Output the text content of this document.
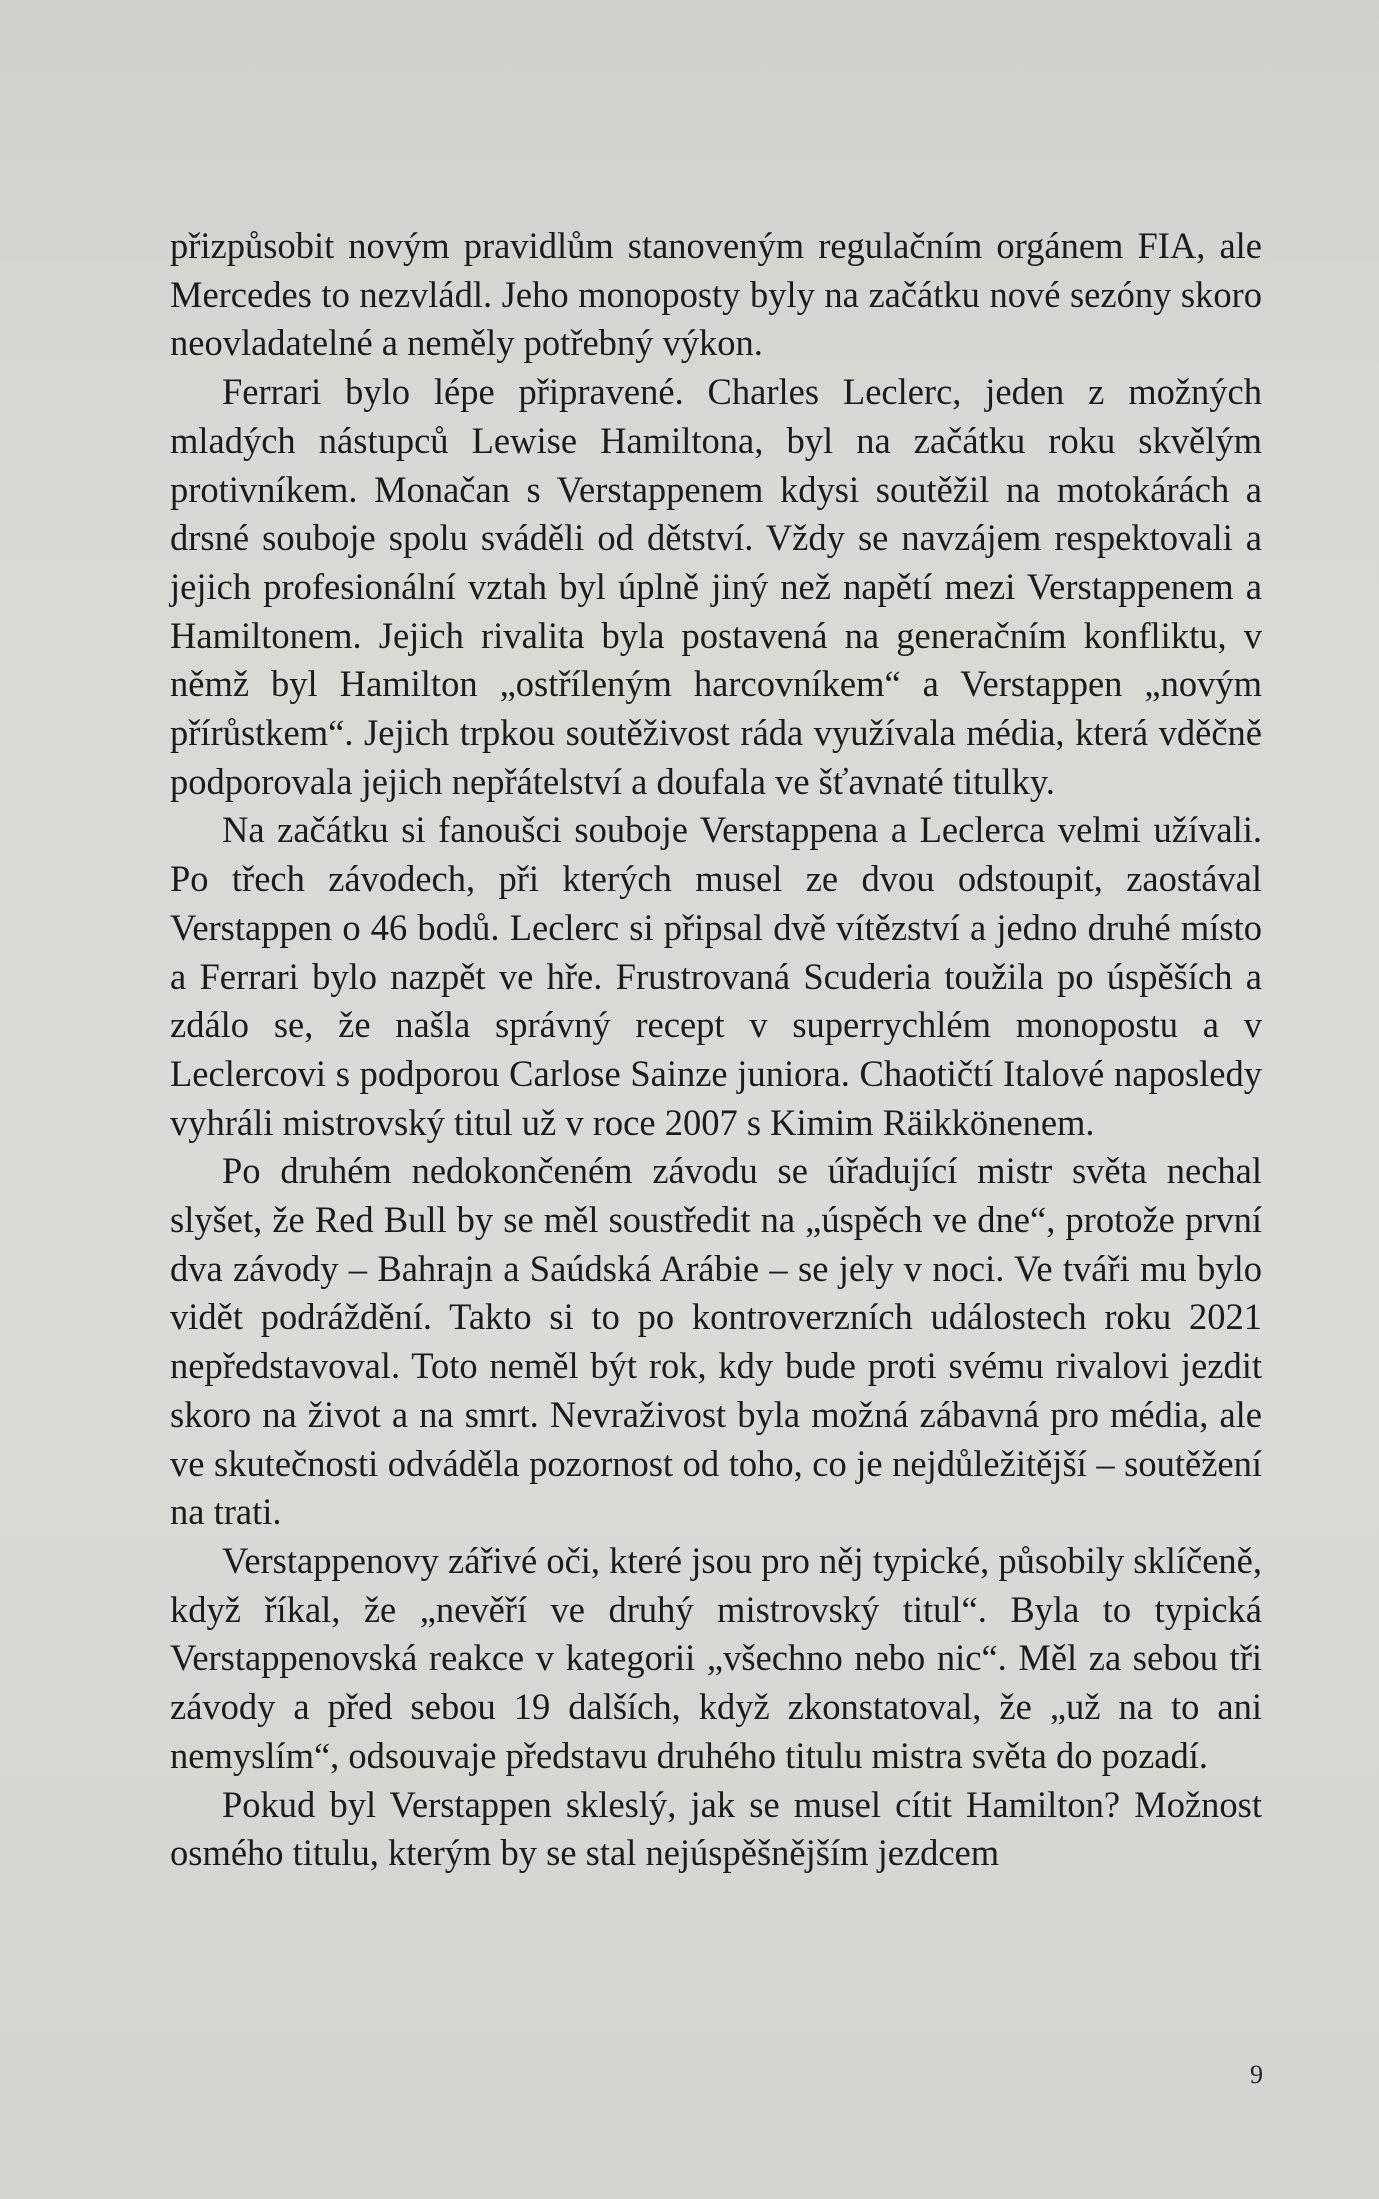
přizpůsobit novým pravidlům stanoveným regulačním orgánem FIA, ale Mercedes to nezvládl. Jeho monoposty byly na začátku nové sezóny skoro neovladatelné a neměly potřebný výkon.

Ferrari bylo lépe připravené. Charles Leclerc, jeden z možných mladých nástupců Lewise Hamiltona, byl na začátku roku skvělým protivníkem. Monačan s Verstappenem kdysi soutěžil na motokárách a drsné souboje spolu sváděli od dětství. Vždy se navzájem respektovali a jejich profesionální vztah byl úplně jiný než napětí mezi Verstappenem a Hamiltonem. Jejich rivalita byla postavená na generačním konfliktu, v němž byl Hamilton „ostříleným harcovníkem“ a Verstappen „novým přírůstkem“. Jejich trpkou soutěživost ráda využívala média, která vděčně podporovala jejich nepřátelství a doufala ve šťavnaté titulky.

Na začátku si fanoušci souboje Verstappena a Leclerca velmi užívali. Po třech závodech, při kterých musel ze dvou odstoupit, zaostával Verstappen o 46 bodů. Leclerc si připsal dvě vítězství a jedno druhé místo a Ferrari bylo nazpět ve hře. Frustrovaná Scuderia toužila po úspěších a zdálo se, že našla správný recept v superrychlém monopostu a v Leclercovi s podporou Carlose Sainze juniora. Chaotičtí Italové naposledy vyhráli mistrovský titul už v roce 2007 s Kimim Räikkönenem.

Po druhém nedokončeném závodu se úřadující mistr světa nechal slyšet, že Red Bull by se měl soustředit na „úspěch ve dne“, protože první dva závody – Bahrajn a Saúdská Arábie – se jely v noci. Ve tváři mu bylo vidět podráždění. Takto si to po kontroverzních událostech roku 2021 nepředstavoval. Toto neměl být rok, kdy bude proti svému rivalovi jezdit skoro na život a na smrt. Nevraživost byla možná zábavná pro média, ale ve skutečnosti odváděla pozornost od toho, co je nejdůležitější – soutěžení na trati.

Verstappenovy zářivé oči, které jsou pro něj typické, působily sklíčeně, když říkal, že „nevěří ve druhý mistrovský titul“. Byla to typická Verstappenovská reakce v kategorii „všechno nebo nic“. Měl za sebou tři závody a před sebou 19 dalších, když zkonstatoval, že „už na to ani nemyslím“, odsouvaje představu druhého titulu mistra světa do pozadí.

Pokud byl Verstappen skleslý, jak se musel cítit Hamilton? Možnost osmého titulu, kterým by se stal nejúspěšnějším jezdcem

9
